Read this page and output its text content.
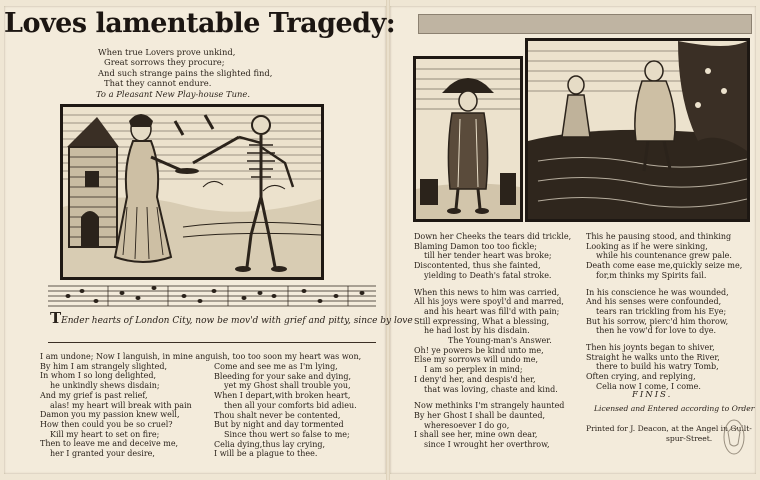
Loves lamentable Tragedy:
When true Lovers prove unkind,
Great sorrows they procure;
And such strange pains the slighted find,
That they cannot endure.
To a Pleasant New Play-house Tune.
TEnder hearts of London City, now be mov'd with grief and pitty, since by love
I am undone; Now I languish, in mine anguish, too too soon my heart was won,
By him I am strangely slighted,
In whom I so long delighted,
he unkindly shews disdain;
And my grief is past relief,
alas! my heart will break with pain
Damon you my passion knew well,
How then could you be so cruel?
Kill my heart to set on fire;
Then to leave me and deceive me,
her I granted your desire,
Come and see me as I'm lying,
Bleeding for your sake and dying,
yet my Ghost shall trouble you,
When I depart,with broken heart,
then all your comforts bid adieu.
Thou shalt never be contented,
But by night and day tormented
Since thou wert so false to me;
Celia dying,thus lay crying,
I will be a plague to thee.
Down her Cheeks the tears did trickle,
Blaming Damon too too fickle;
till her tender heart was broke;
Discontented, thus she fainted,
yielding to Death's fatal stroke.
When this news to him was carried,
All his joys were spoyl'd and marred,
and his heart was fill'd with pain;
Still expressing, What a blessing,
he had lost by his disdain.
The Young-man's Answer.
Oh! ye powers be kind unto me,
Else my sorrows will undo me,
I am so perplex in mind;
I deny'd her, and despis'd her,
that was loving, chaste and kind.
Now methinks I'm strangely haunted
By her Ghost I shall be daunted,
wheresoever I do go,
I shall see her, mine own dear,
since I wrought her overthrow,
This he pausing stood, and thinking
Looking as if he were sinking,
while his countenance grew pale.
Death come ease me,quickly seize me,
for,m thinks my Spirits fail.
In his conscience he was wounded,
And his senses were confounded,
tears ran trickling from his Eye;
But his sorrow, pierc'd him thorow,
then he vow'd for love to dye.
Then his joynts began to shiver,
Straight he walks unto the River,
there to build his watry Tomb,
Often crying, and replying,
Celia now I come, I come.
FINIS.
Licensed and Entered according to Order
Printed for J. Deacon, at the Angel in Guilt-
spur-Street.
